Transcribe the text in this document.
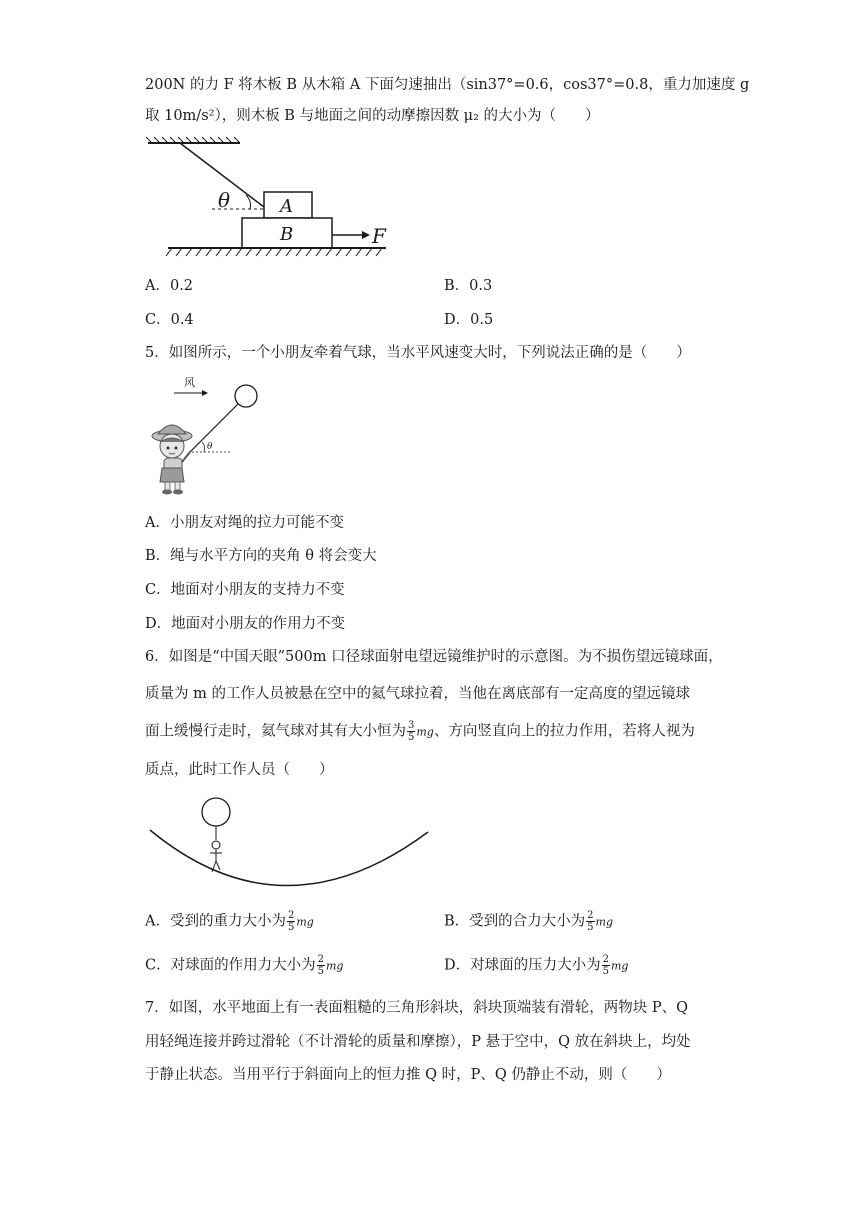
200N 的力 F 将木板 B 从木箱 A 下面匀速抽出（sin37°=0.6，cos37°=0.8，重力加速度 g
取 10m/s²），则木板 B 与地面之间的动摩擦因数 μ₂ 的大小为（　　）
θ	A
B	F
A．0.2	B．0.3
C．0.4	D．0.5
5．如图所示，一个小朋友牵着气球，当水平风速变大时，下列说法正确的是（　　）
风
θ
A．小朋友对绳的拉力可能不变
B．绳与水平方向的夹角 θ 将会变大
C．地面对小朋友的支持力不变
D．地面对小朋友的作用力不变
6．如图是“中国天眼”500m 口径球面射电望远镜维护时的示意图。为不损伤望远镜球面，
质量为 m 的工作人员被悬在空中的氦气球拉着，当他在离底部有一定高度的望远镜球
面上缓慢行走时，氦气球对其有大小恒为 $\frac{3}{5}$ mg、方向竖直向上的拉力作用，若将人视为
质点，此时工作人员（　　）
A．受到的重力大小为 $\frac{2}{5}$ mg	B．受到的合力大小为 $\frac{2}{5}$ mg
C．对球面的作用力大小为 $\frac{2}{5}$ mg	D．对球面的压力大小为 $\frac{2}{5}$ mg
7．如图，水平地面上有一表面粗糙的三角形斜块，斜块顶端装有滑轮，两物块 P、Q
用轻绳连接并跨过滑轮（不计滑轮的质量和摩擦），P 悬于空中，Q 放在斜块上，均处
于静止状态。当用平行于斜面向上的恒力推 Q 时，P、Q 仍静止不动，则（　　）
